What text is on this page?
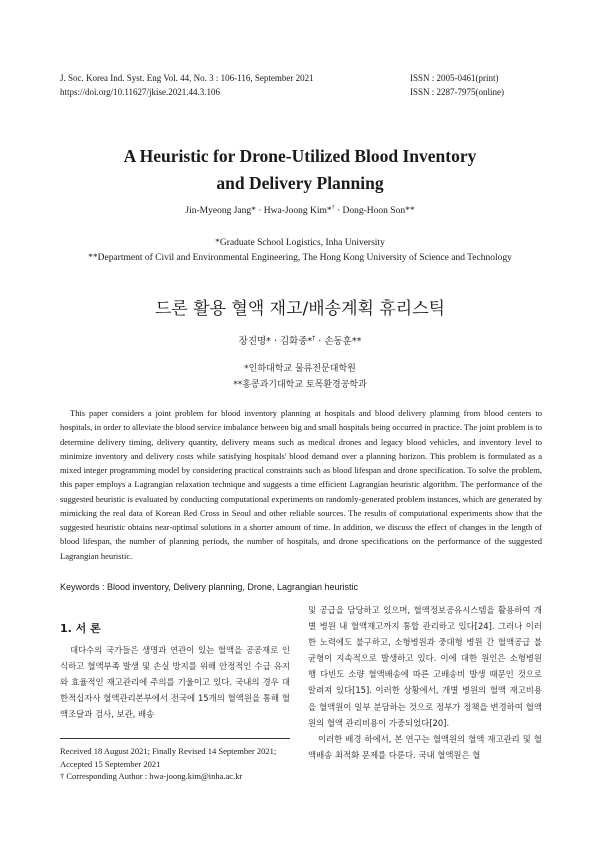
J. Soc. Korea Ind. Syst. Eng Vol. 44, No. 3 : 106-116, September 2021
https://doi.org/10.11627/jkise.2021.44.3.106
ISSN : 2005-0461(print)
ISSN : 2287-7975(online)
A Heuristic for Drone-Utilized Blood Inventory
and Delivery Planning
Jin-Myeong Jang* · Hwa-Joong Kim*† · Dong-Hoon Son**
*Graduate School Logistics, Inha University
**Department of Civil and Environmental Engineering, The Hong Kong University of Science and Technology
드론 활용 혈액 재고/배송계획 휴리스틱
장진명* · 김화중*† · 손동훈**
*인하대학교 물류전문대학원
**홍콩과기대학교 토목환경공학과

This paper considers a joint problem for blood inventory planning at hospitals and blood delivery planning from blood centers to hospitals, in order to alleviate the blood service imbalance between big and small hospitals being occurred in practice. The joint problem is to determine delivery timing, delivery quantity, delivery means such as medical drones and legacy blood vehicles, and inventory level to minimize inventory and delivery costs while satisfying hospitals' blood demand over a planning horizon. This problem is formulated as a mixed integer programming model by considering practical constraints such as blood lifespan and drone specification. To solve the problem, this paper employs a Lagrangian relaxation technique and suggests a time efficient Lagrangian heuristic algorithm. The performance of the suggested heuristic is evaluated by conducting computational experiments on randomly-generated problem instances, which are generated by mimicking the real data of Korean Red Cross in Seoul and other reliable sources. The results of computational experiments show that the suggested heuristic obtains near-optimal solutions in a shorter amount of time. In addition, we discuss the effect of changes in the length of blood lifespan, the number of planning periods, the number of hospitals, and drone specifications on the performance of the suggested Lagrangian heuristic.

Keywords : Blood inventory, Delivery planning, Drone, Lagrangian heuristic
1. 서 론

대다수의 국가들은 생명과 연관이 있는 혈액을 공공재로 인식하고 혈액부족 발생 및 손실 방지를 위해 안정적인 수급 유지와 효율적인 재고관리에 주의를 기울이고 있다. 국내의 경우 대한적십자사 혈액관리본부에서 전국에 15개의 혈액원을 통해 혈액조달과 검사, 보관, 배송

및 공급을 담당하고 있으며, 혈액정보공유시스템을 활용하여 개별 병원 내 혈액재고까지 통합 관리하고 있다[24]. 그러나 이러한 노력에도 불구하고, 소형병원과 중대형 병원 간 혈액공급 불균형이 지속적으로 발생하고 있다. 이에 대한 원인은 소형병원 행 다빈도 소량 혈액배송에 따른 고배송비 발생 때문인 것으로 알려져 있다[15]. 이러한 상황에서, 개별 병원의 혈액 재고비용을 혈액원이 일부 분담하는 것으로 정부가 정책을 변경하여 혈액원의 혈액 관리비용이 가중되었다[20].

이러한 배경 하에서, 본 연구는 혈액원의 혈액 재고관리 및 혈액배송 최적화 문제를 다룬다. 국내 혈액원은 혈

Received 18 August 2021; Finally Revised 14 September 2021;
Accepted 15 September 2021
† Corresponding Author : hwa-joong.kim@inha.ac.kr
